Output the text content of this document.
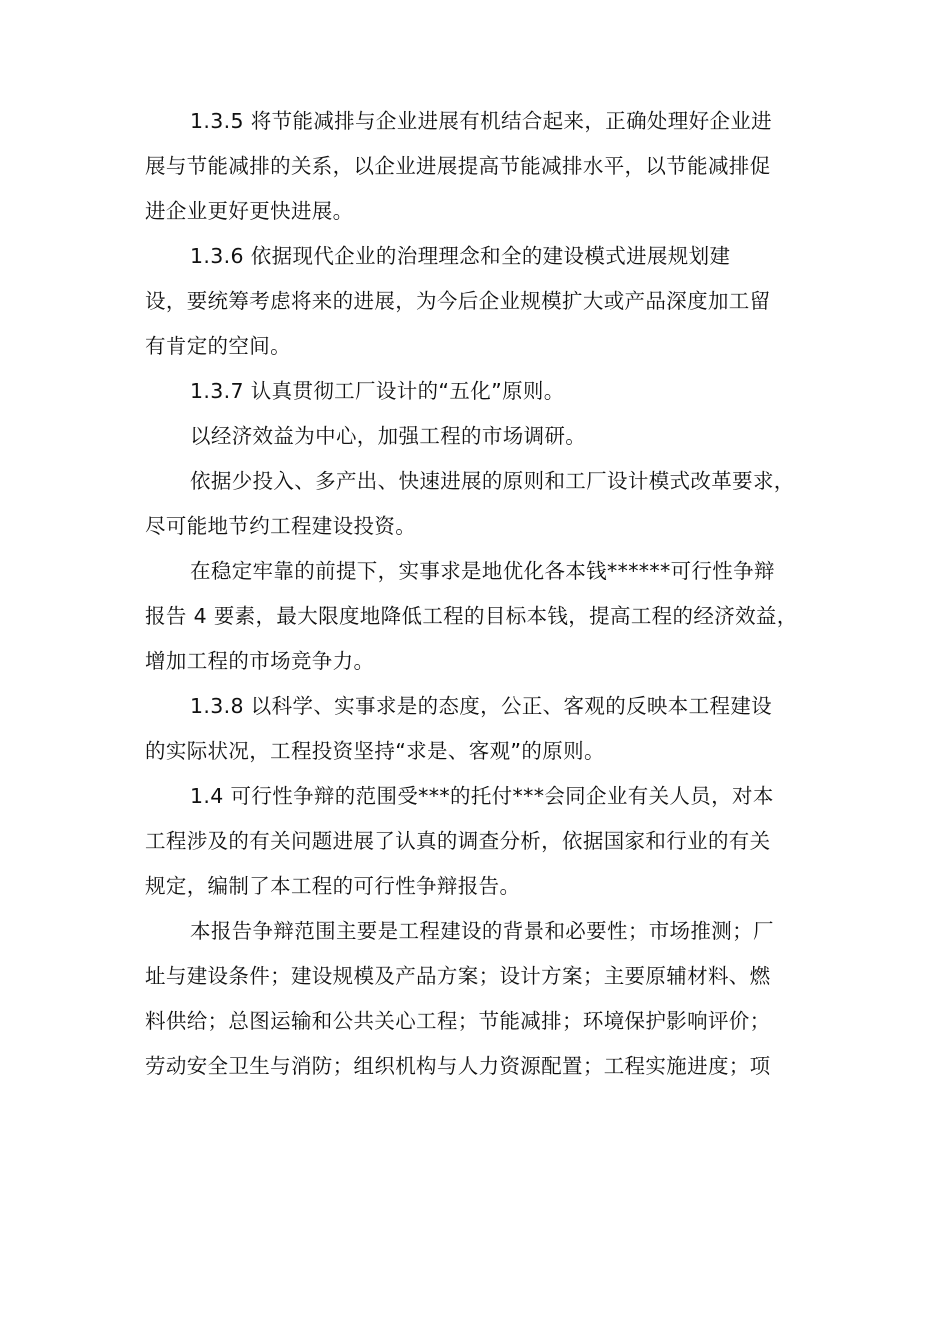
1.3.5 将节能减排与企业进展有机结合起来，正确处理好企业进
展与节能减排的关系，以企业进展提高节能减排水平，以节能减排促
进企业更好更快进展。
1.3.6 依据现代企业的治理理念和全的建设模式进展规划建
设，要统筹考虑将来的进展，为今后企业规模扩大或产品深度加工留
有肯定的空间。
1.3.7 认真贯彻工厂设计的“五化”原则。
以经济效益为中心，加强工程的市场调研。
依据少投入、多产出、快速进展的原则和工厂设计模式改革要求，
尽可能地节约工程建设投资。
在稳定牢靠的前提下，实事求是地优化各本钱******可行性争辩
报告 4 要素，最大限度地降低工程的目标本钱，提高工程的经济效益，
增加工程的市场竞争力。
1.3.8 以科学、实事求是的态度，公正、客观的反映本工程建设
的实际状况，工程投资坚持“求是、客观”的原则。
1.4 可行性争辩的范围受***的托付***会同企业有关人员，对本
工程涉及的有关问题进展了认真的调查分析，依据国家和行业的有关
规定，编制了本工程的可行性争辩报告。
本报告争辩范围主要是工程建设的背景和必要性；市场推测；厂
址与建设条件；建设规模及产品方案；设计方案；主要原辅材料、燃
料供给；总图运输和公共关心工程；节能减排；环境保护影响评价；
劳动安全卫生与消防；组织机构与人力资源配置；工程实施进度；项
